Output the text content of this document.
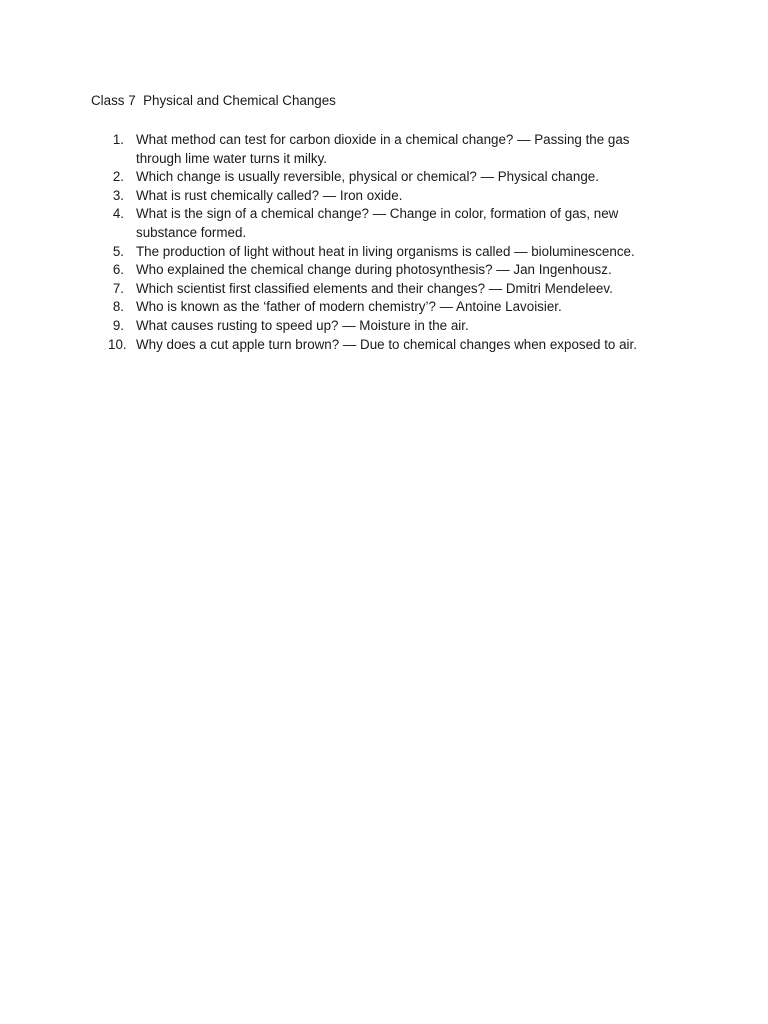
Class 7  Physical and Chemical Changes
1. What method can test for carbon dioxide in a chemical change? — Passing the gas through lime water turns it milky.
2. Which change is usually reversible, physical or chemical? — Physical change.
3. What is rust chemically called? — Iron oxide.
4. What is the sign of a chemical change? — Change in color, formation of gas, new substance formed.
5. The production of light without heat in living organisms is called — bioluminescence.
6. Who explained the chemical change during photosynthesis? — Jan Ingenhousz.
7. Which scientist first classified elements and their changes? — Dmitri Mendeleev.
8. Who is known as the ‘father of modern chemistry’? — Antoine Lavoisier.
9. What causes rusting to speed up? — Moisture in the air.
10. Why does a cut apple turn brown? — Due to chemical changes when exposed to air.
